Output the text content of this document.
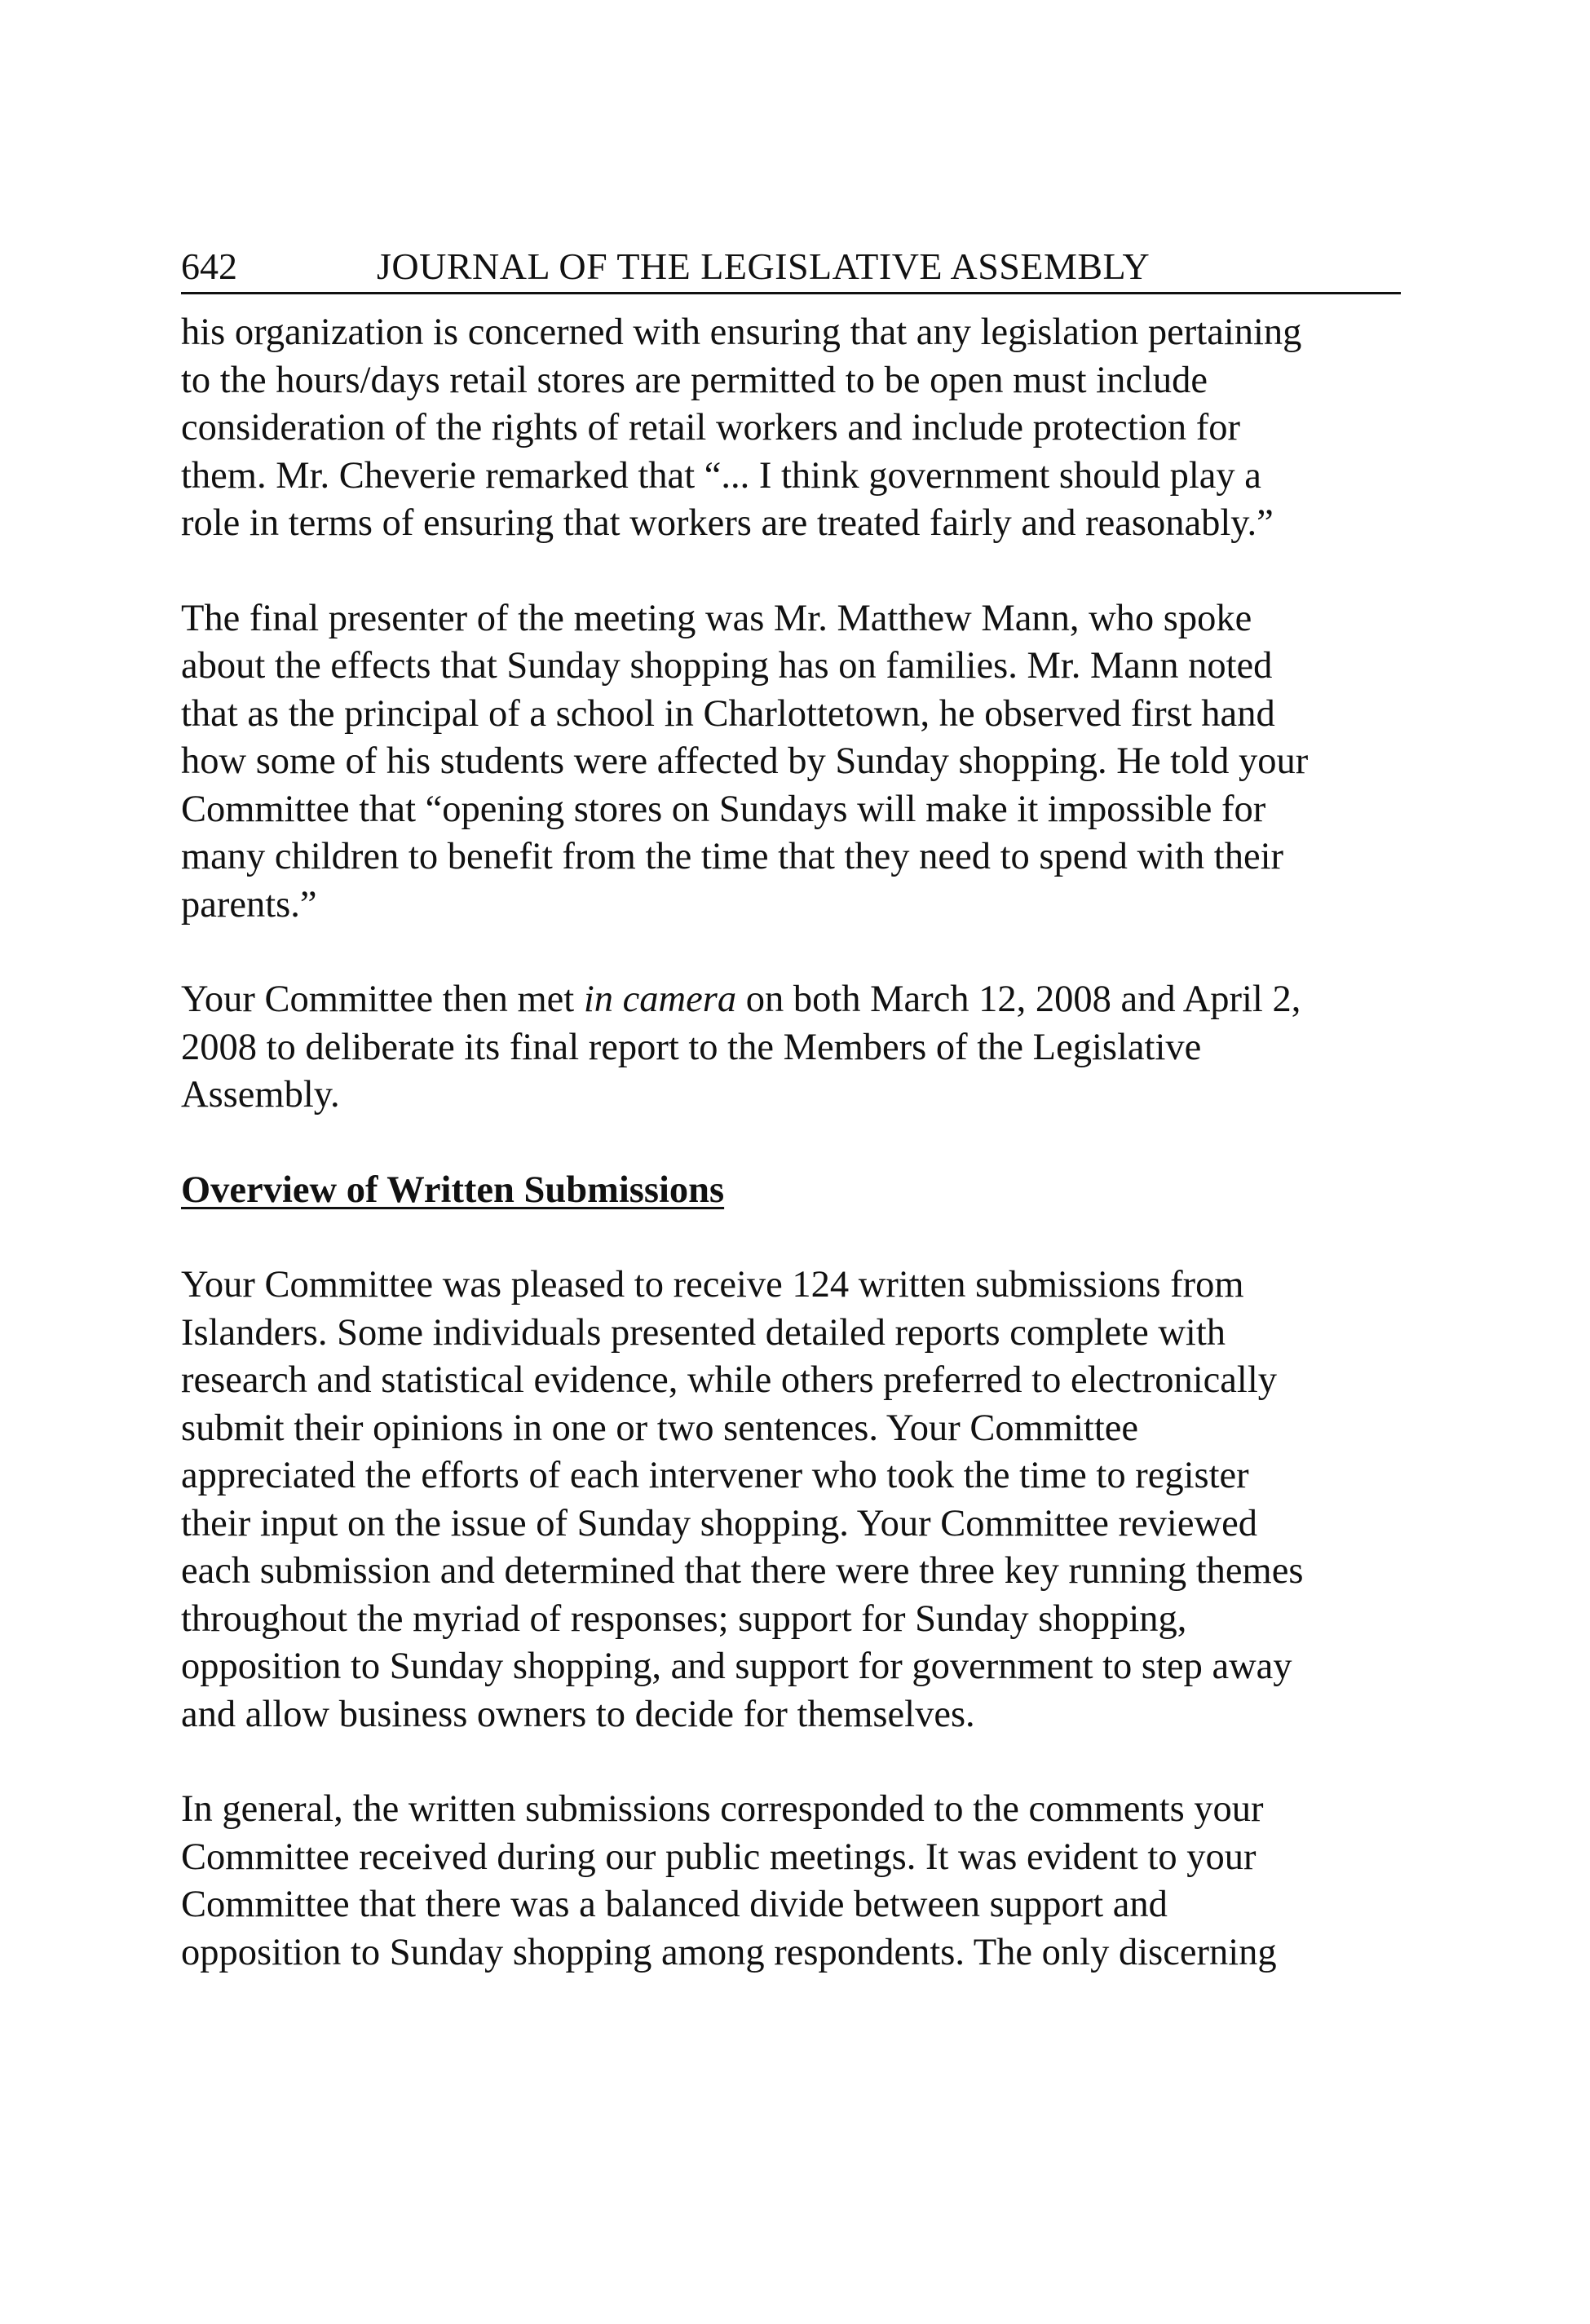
642	JOURNAL OF THE LEGISLATIVE ASSEMBLY

his organization is concerned with ensuring that any legislation pertaining
to the hours/days retail stores are permitted to be open must include
consideration of the rights of retail workers and include protection for
them. Mr. Cheverie remarked that “... I think government should play a
role in terms of ensuring that workers are treated fairly and reasonably.”

The final presenter of the meeting was Mr. Matthew Mann, who spoke
about the effects that Sunday shopping has on families. Mr. Mann noted
that as the principal of a school in Charlottetown, he observed first hand
how some of his students were affected by Sunday shopping. He told your
Committee that “opening stores on Sundays will make it impossible for
many children to benefit from the time that they need to spend with their
parents.”

Your Committee then met in camera on both March 12, 2008 and April 2,
2008 to deliberate its final report to the Members of the Legislative
Assembly.

Overview of Written Submissions

Your Committee was pleased to receive 124 written submissions from
Islanders. Some individuals presented detailed reports complete with
research and statistical evidence, while others preferred to electronically
submit their opinions in one or two sentences. Your Committee
appreciated the efforts of each intervener who took the time to register
their input on the issue of Sunday shopping. Your Committee reviewed
each submission and determined that there were three key running themes
throughout the myriad of responses; support for Sunday shopping,
opposition to Sunday shopping, and support for government to step away
and allow business owners to decide for themselves.

In general, the written submissions corresponded to the comments your
Committee received during our public meetings. It was evident to your
Committee that there was a balanced divide between support and
opposition to Sunday shopping among respondents. The only discerning
